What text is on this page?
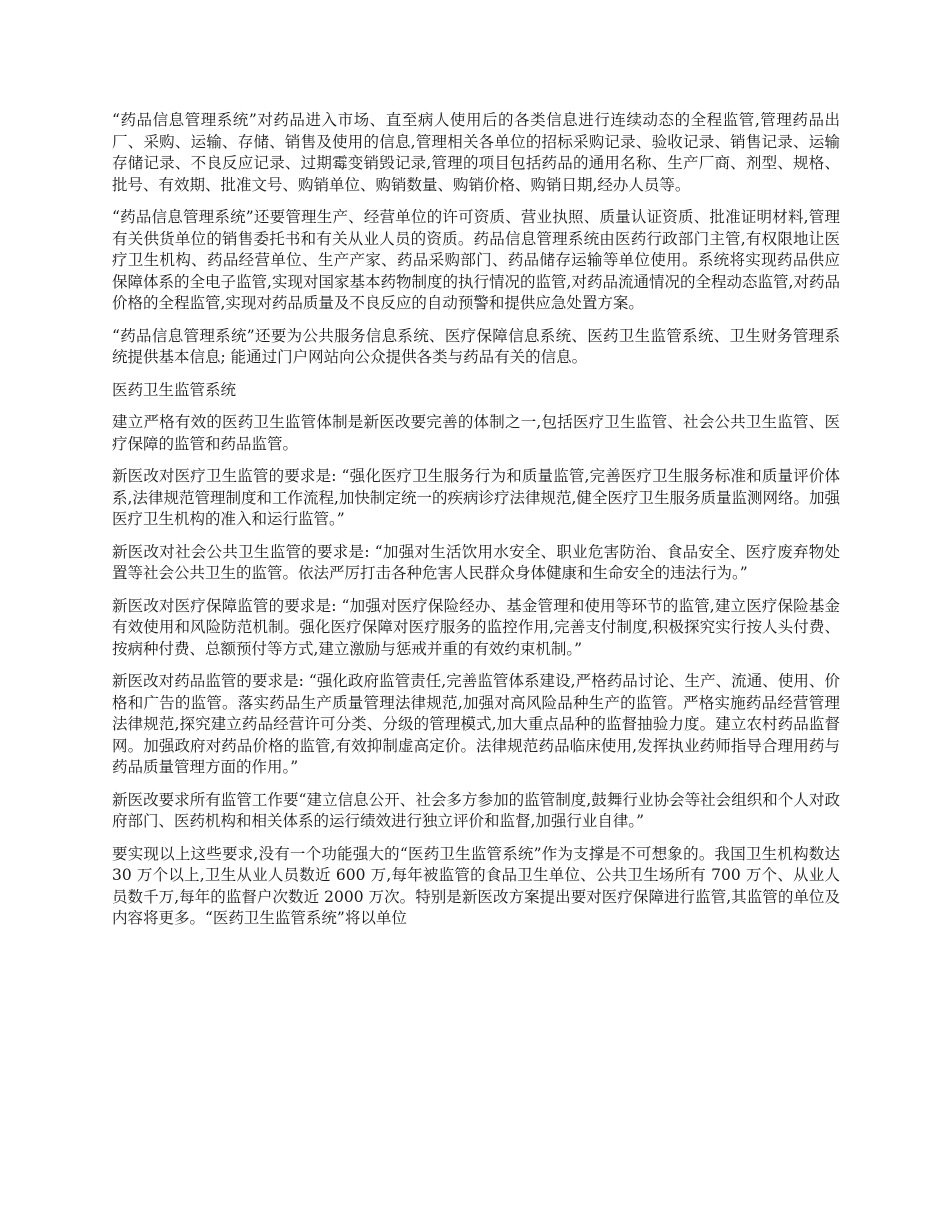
“药品信息管理系统”对药品进入市场、直至病人使用后的各类信息进行连续动态的全程监管,管理药品出厂、采购、运输、存储、销售及使用的信息,管理相关各单位的招标采购记录、验收记录、销售记录、运输存储记录、不良反应记录、过期霉变销毁记录,管理的项目包括药品的通用名称、生产厂商、剂型、规格、批号、有效期、批准文号、购销单位、购销数量、购销价格、购销日期,经办人员等。

“药品信息管理系统”还要管理生产、经营单位的许可资质、营业执照、质量认证资质、批准证明材料,管理有关供货单位的销售委托书和有关从业人员的资质。药品信息管理系统由医药行政部门主管,有权限地让医疗卫生机构、药品经营单位、生产产家、药品采购部门、药品储存运输等单位使用。系统将实现药品供应保障体系的全电子监管,实现对国家基本药物制度的执行情况的监管,对药品流通情况的全程动态监管,对药品价格的全程监管,实现对药品质量及不良反应的自动预警和提供应急处置方案。

“药品信息管理系统”还要为公共服务信息系统、医疗保障信息系统、医药卫生监管系统、卫生财务管理系统提供基本信息; 能通过门户网站向公众提供各类与药品有关的信息。

医药卫生监管系统

建立严格有效的医药卫生监管体制是新医改要完善的体制之一,包括医疗卫生监管、社会公共卫生监管、医疗保障的监管和药品监管。

新医改对医疗卫生监管的要求是: “强化医疗卫生服务行为和质量监管,完善医疗卫生服务标准和质量评价体系,法律规范管理制度和工作流程,加快制定统一的疾病诊疗法律规范,健全医疗卫生服务质量监测网络。加强医疗卫生机构的准入和运行监管。”

新医改对社会公共卫生监管的要求是: “加强对生活饮用水安全、职业危害防治、食品安全、医疗废弃物处置等社会公共卫生的监管。依法严厉打击各种危害人民群众身体健康和生命安全的违法行为。”

新医改对医疗保障监管的要求是: “加强对医疗保险经办、基金管理和使用等环节的监管,建立医疗保险基金有效使用和风险防范机制。强化医疗保障对医疗服务的监控作用,完善支付制度,积极探究实行按人头付费、按病种付费、总额预付等方式,建立激励与惩戒并重的有效约束机制。”

新医改对药品监管的要求是: “强化政府监管责任,完善监管体系建设,严格药品讨论、生产、流通、使用、价格和广告的监管。落实药品生产质量管理法律规范,加强对高风险品种生产的监管。严格实施药品经营管理法律规范,探究建立药品经营许可分类、分级的管理模式,加大重点品种的监督抽验力度。建立农村药品监督网。加强政府对药品价格的监管,有效抑制虚高定价。法律规范药品临床使用,发挥执业药师指导合理用药与药品质量管理方面的作用。”

新医改要求所有监管工作要“建立信息公开、社会多方参加的监管制度,鼓舞行业协会等社会组织和个人对政府部门、医药机构和相关体系的运行绩效进行独立评价和监督,加强行业自律。”

要实现以上这些要求,没有一个功能强大的“医药卫生监管系统”作为支撑是不可想象的。我国卫生机构数达 30 万个以上,卫生从业人员数近 600 万,每年被监管的食品卫生单位、公共卫生场所有 700 万个、从业人员数千万,每年的监督户次数近 2000 万次。特别是新医改方案提出要对医疗保障进行监管,其监管的单位及内容将更多。“医药卫生监管系统”将以单位
